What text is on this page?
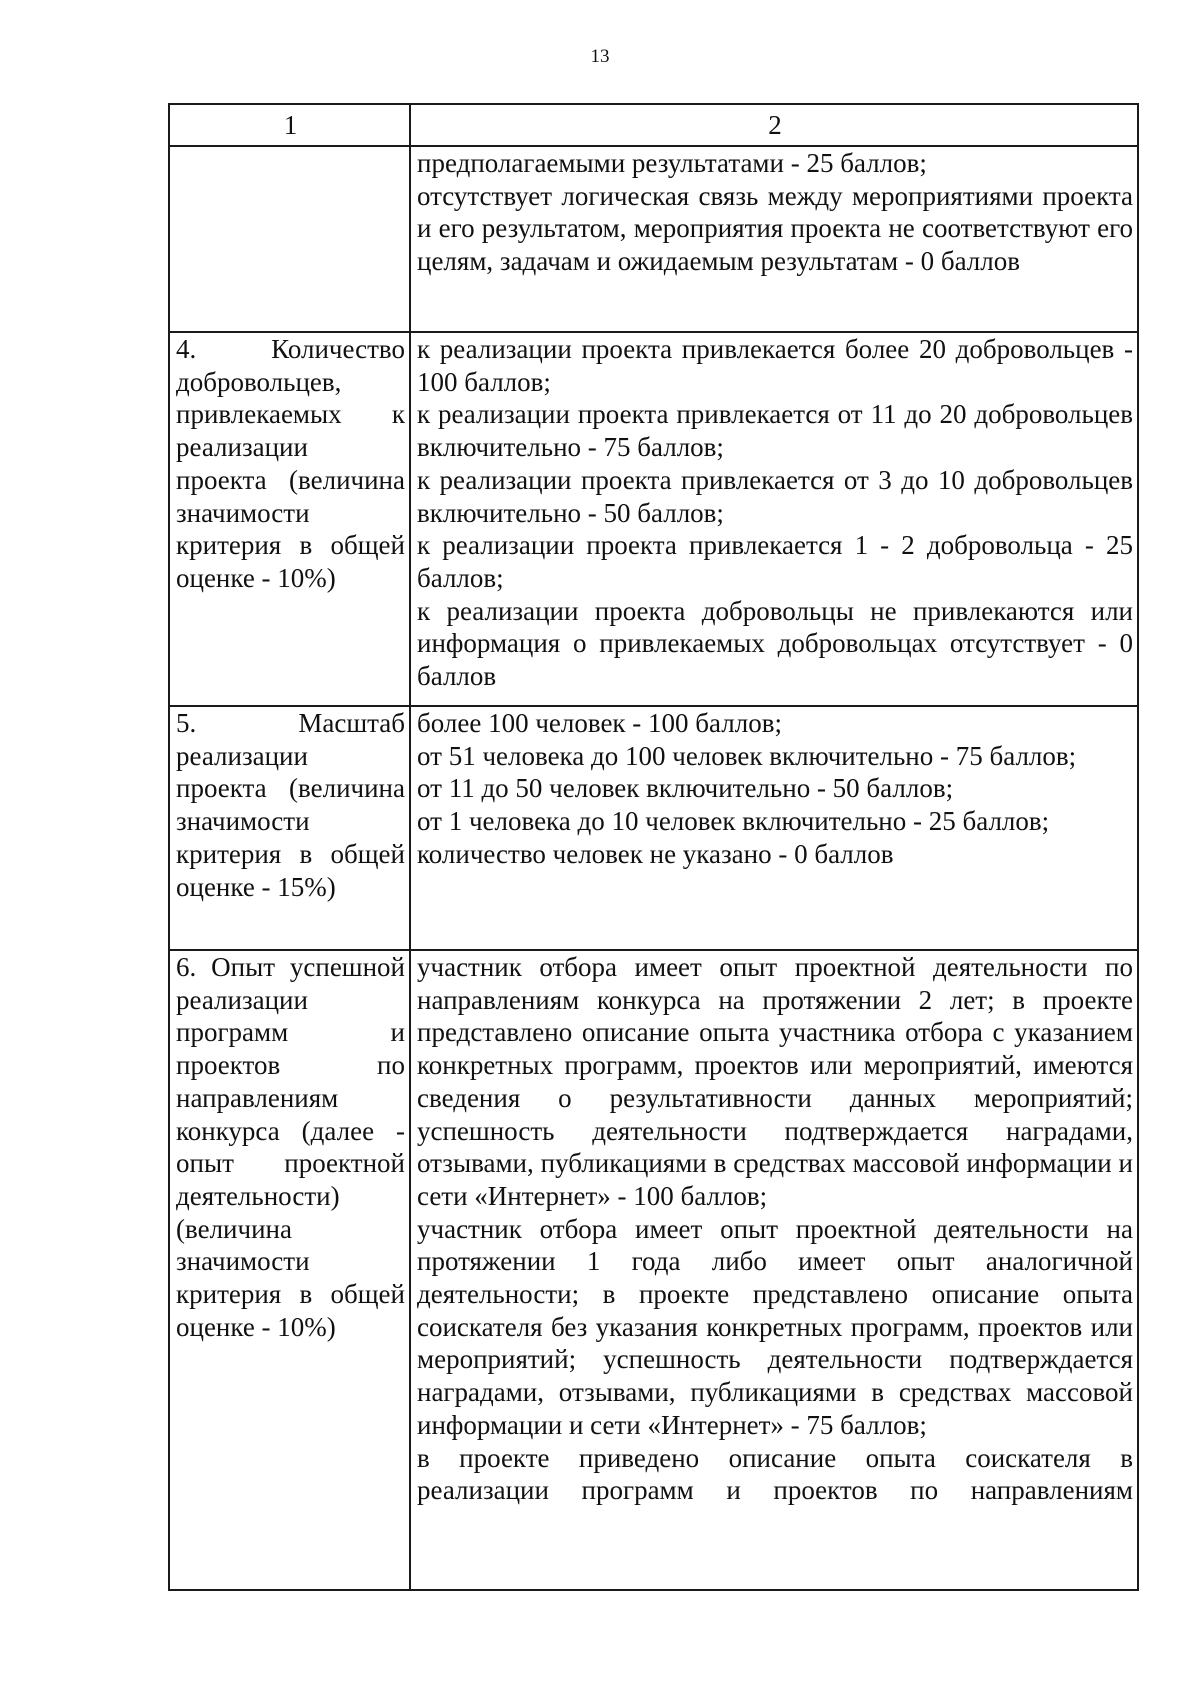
13
1	2

	предполагаемыми результатами - 25 баллов;
отсутствует логическая связь между мероприятиями проекта и его результатом, мероприятия проекта не соответствуют его целям, задачам и ожидаемым результатам - 0 баллов

4. Количество добровольцев, привлекаемых к реализации проекта (величина значимости критерия в общей оценке - 10%)	к реализации проекта привлекается более 20 добровольцев - 100 баллов;
к реализации проекта привлекается от 11 до 20 добровольцев включительно - 75 баллов;
к реализации проекта привлекается от 3 до 10 добровольцев включительно - 50 баллов;
к реализации проекта привлекается 1 - 2 добровольца - 25 баллов;
к реализации проекта добровольцы не привлекаются или информация о привлекаемых добровольцах отсутствует - 0 баллов

5. Масштаб реализации проекта (величина значимости критерия в общей оценке - 15%)	более 100 человек - 100 баллов;
от 51 человека до 100 человек включительно - 75 баллов;
от 11 до 50 человек включительно - 50 баллов;
от 1 человека до 10 человек включительно - 25 баллов;
количество человек не указано - 0 баллов

6. Опыт успешной реализации программ и проектов по направлениям конкурса (далее - опыт проектной деятельности) (величина значимости критерия в общей оценке - 10%)	участник отбора имеет опыт проектной деятельности по направлениям конкурса на протяжении 2 лет; в проекте представлено описание опыта участника отбора с указанием конкретных программ, проектов или мероприятий, имеются сведения о результативности данных мероприятий; успешность деятельности подтверждается наградами, отзывами, публикациями в средствах массовой информации и сети «Интернет» - 100 баллов;
участник отбора имеет опыт проектной деятельности на протяжении 1 года либо имеет опыт аналогичной деятельности; в проекте представлено описание опыта соискателя без указания конкретных программ, проектов или мероприятий; успешность деятельности подтверждается наградами, отзывами, публикациями в средствах массовой информации и сети «Интернет» - 75 баллов;
в проекте приведено описание опыта соискателя в реализации программ и проектов по направлениям
